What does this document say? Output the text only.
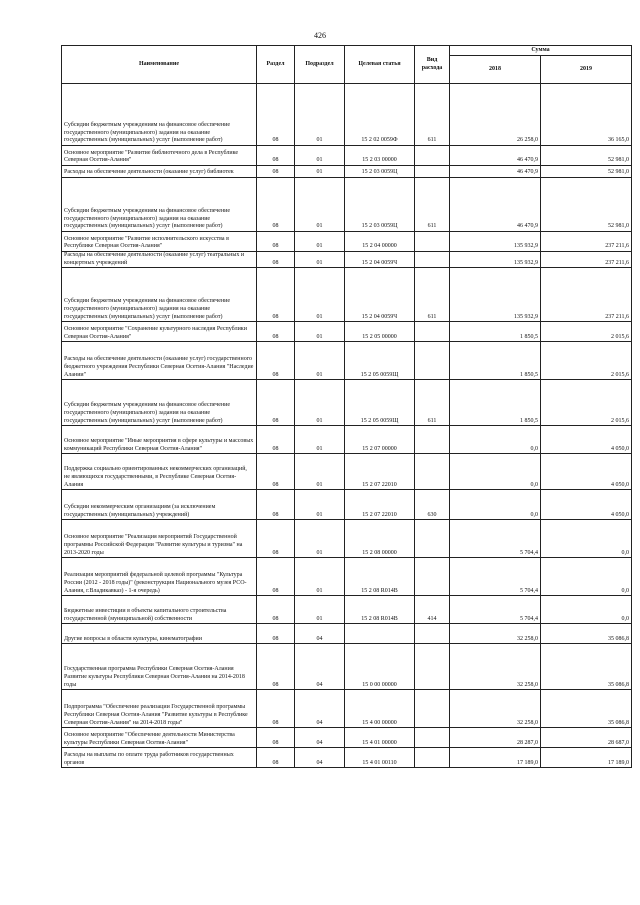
426
Наименование	Раздел	Подраздел	Целевая статья	Вид расхода	Сумма	
					2018	2019
Субсидии бюджетным учреждениям на финансовое обеспечение государственного (муниципального) задания на оказание государственных (муниципальных) услуг (выполнение работ)	08	01	15 2 02 0059Ф	611	26 258,0	36 165,0
Основное мероприятие "Развитие библиотечного дела в Республике Северная Осетия-Алания"	08	01	15 2 03 00000		46 470,9	52 981,0
Расходы на обеспечение деятельности (оказание услуг) библиотек	08	01	15 2 03 0059Ц		46 470,9	52 981,0
Субсидии бюджетным учреждениям на финансовое обеспечение государственного (муниципального) задания на оказание государственных (муниципальных) услуг (выполнение работ)	08	01	15 2 03 0059Ц	611	46 470,9	52 981,0
Основное мероприятие "Развитие исполнительского искусства в Республике Северная Осетия-Алания"	08	01	15 2 04 00000		135 932,9	237 211,6
Расходы на обеспечение деятельности (оказание услуг) театральных и концертных учреждений	08	01	15 2 04 0059Ч		135 932,9	237 211,6
Субсидии бюджетным учреждениям на финансовое обеспечение государственного (муниципального) задания на оказание государственных (муниципальных) услуг (выполнение работ)	08	01	15 2 04 0059Ч	611	135 932,9	237 211,6
Основное мероприятие "Сохранение культурного наследия Республики Северная Осетия-Алания"	08	01	15 2 05 00000		1 850,5	2 015,6
Расходы на обеспечение деятельности (оказание услуг) государственного бюджетного учреждения Республики Северная Осетия-Алания "Наследие Алании"	08	01	15 2 05 0059Щ		1 850,5	2 015,6
Субсидии бюджетным учреждениям на финансовое обеспечение государственного (муниципального) задания на оказание государственных (муниципальных) услуг (выполнение работ)	08	01	15 2 05 0059Щ	611	1 850,5	2 015,6
Основное мероприятие "Иные мероприятия в сфере культуры и массовых коммуникаций Республики Северная Осетия-Алания"	08	01	15 2 07 00000		0,0	4 050,0
Поддержка социально ориентированных некоммерческих организаций, не являющихся государственными, в Республике Северная Осетия-Алания	08	01	15 2 07 22010		0,0	4 050,0
Субсидии некоммерческим организациям (за исключением государственных (муниципальных) учреждений)	08	01	15 2 07 22010	630	0,0	4 050,0
Основное мероприятие "Реализация мероприятий Государственной программы Российской Федерации "Развитие культуры и туризма" на 2013-2020 годы	08	01	15 2 08 00000		5 704,4	0,0
Реализация мероприятий федеральной целевой программы "Культура России (2012 - 2018 годы)" (реконструкция Национального музея РСО-Алания, г.Владикавказ) - 1-я очередь)	08	01	15 2 08 R014В		5 704,4	0,0
Бюджетные инвестиции в объекты капитального строительства государственной (муниципальной) собственности	08	01	15 2 08 R014В	414	5 704,4	0,0
Другие вопросы в области культуры, кинематографии	08	04			32 258,0	35 086,8
Государственная программа Республики Северная Осетия-Алания Развитие культуры Республики Северная Осетия-Алания на 2014-2018 годы	08	04	15 0 00 00000		32 258,0	35 086,8
Подпрограмма "Обеспечение реализации Государственной программы Республики Северная Осетия-Алания "Развитие культуры в Республике Северная Осетия-Алания" на 2014-2018 годы"	08	04	15 4 00 00000		32 258,0	35 086,8
Основное мероприятие "Обеспечение деятельности Министерства культуры Республики Северная Осетия-Алания"	08	04	15 4 01 00000		28 287,0	28 687,0
Расходы на выплаты по оплате труда работников государственных органов	08	04	15 4 01 00110		17 189,0	17 189,0
